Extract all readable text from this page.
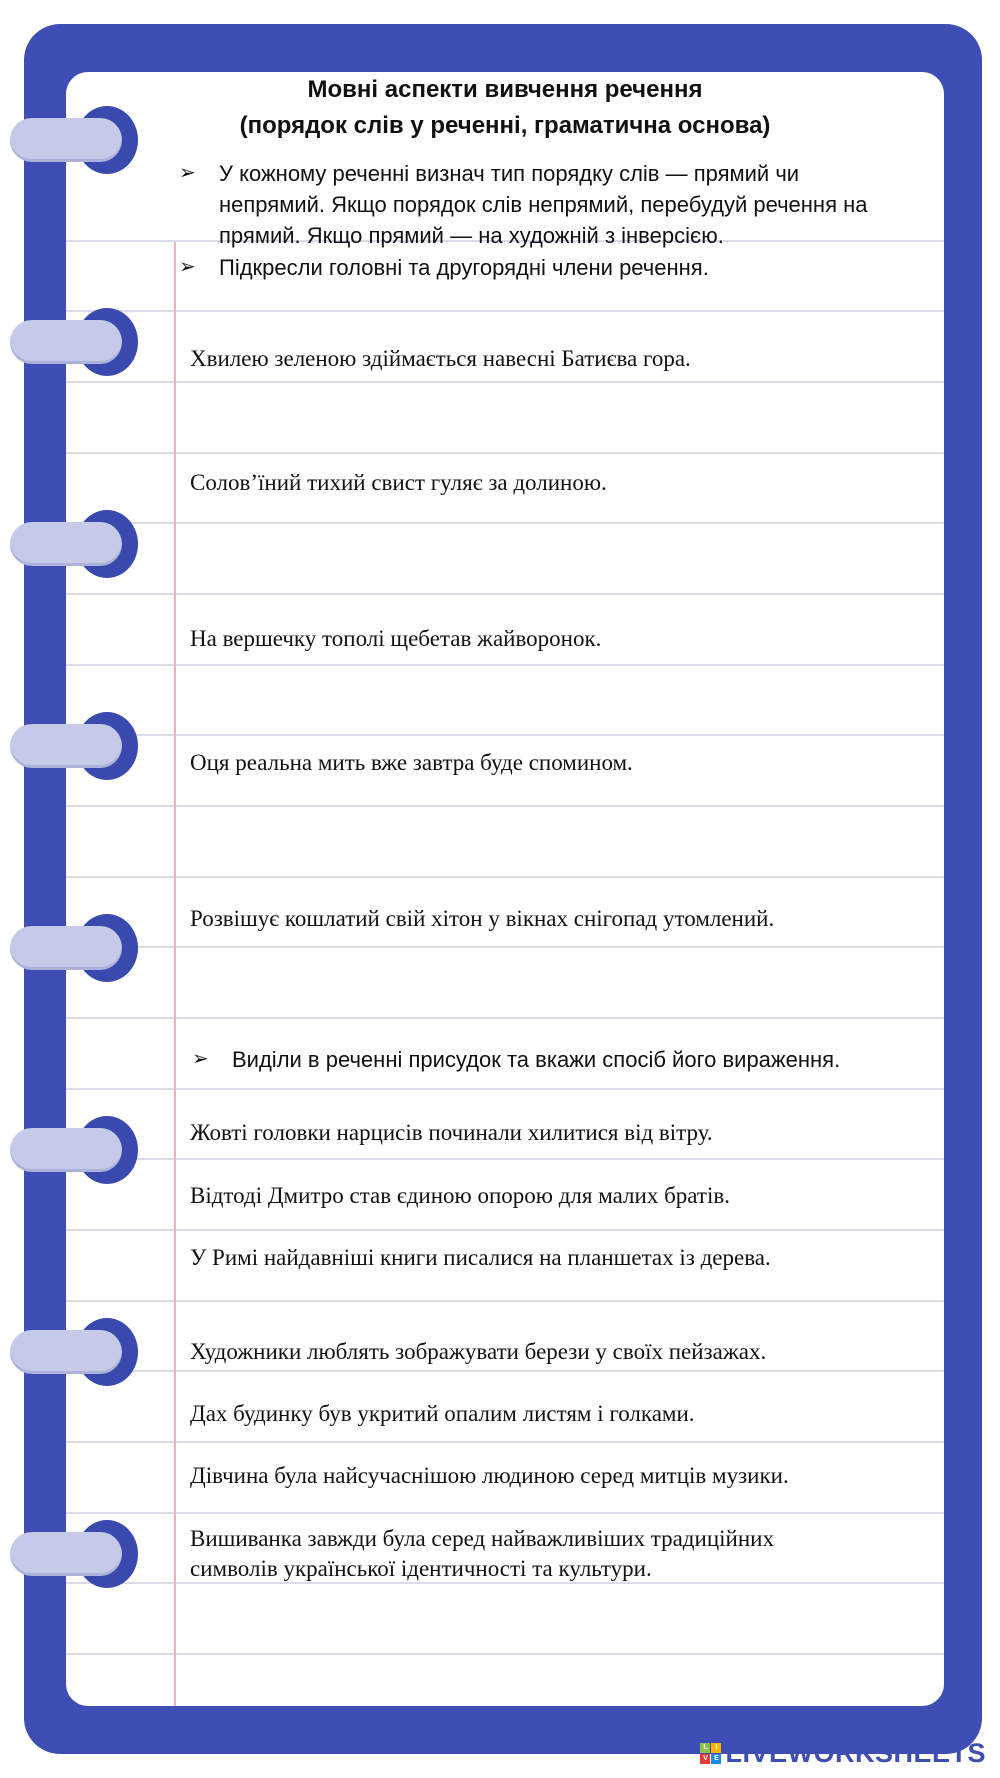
Мовні аспекти вивчення речення
(порядок слів у реченні, граматична основа)
➢ У кожному реченні визнач тип порядку слів — прямий чи
непрямий. Якщо порядок слів непрямий, перебудуй речення на
прямий. Якщо прямий — на художній з інверсією.
➢ Підкресли головні та другорядні члени речення.
Хвилею зеленою здіймається навесні Батиєва гора.
Солов’їний тихий свист гуляє за долиною.
На вершечку тополі щебетав жайворонок.
Оця реальна мить вже завтра буде спомином.
Розвішує кошлатий свій хітон у вікнах снігопад утомлений.
➢ Виділи в реченні присудок та вкажи спосіб його вираження.
Жовті головки нарцисів починали хилитися від вітру.
Відтоді Дмитро став єдиною опорою для малих братів.
У Римі найдавніші книги писалися на планшетах із дерева.
Художники люблять зображувати берези у своїх пейзажах.
Дах будинку був укритий опалим листям і голками.
Дівчина була найсучаснішою людиною серед митців музики.
Вишиванка завжди була серед найважливіших традиційних
символів української ідентичності та культури.
L	I
V E LIVEWORKSHEETS
